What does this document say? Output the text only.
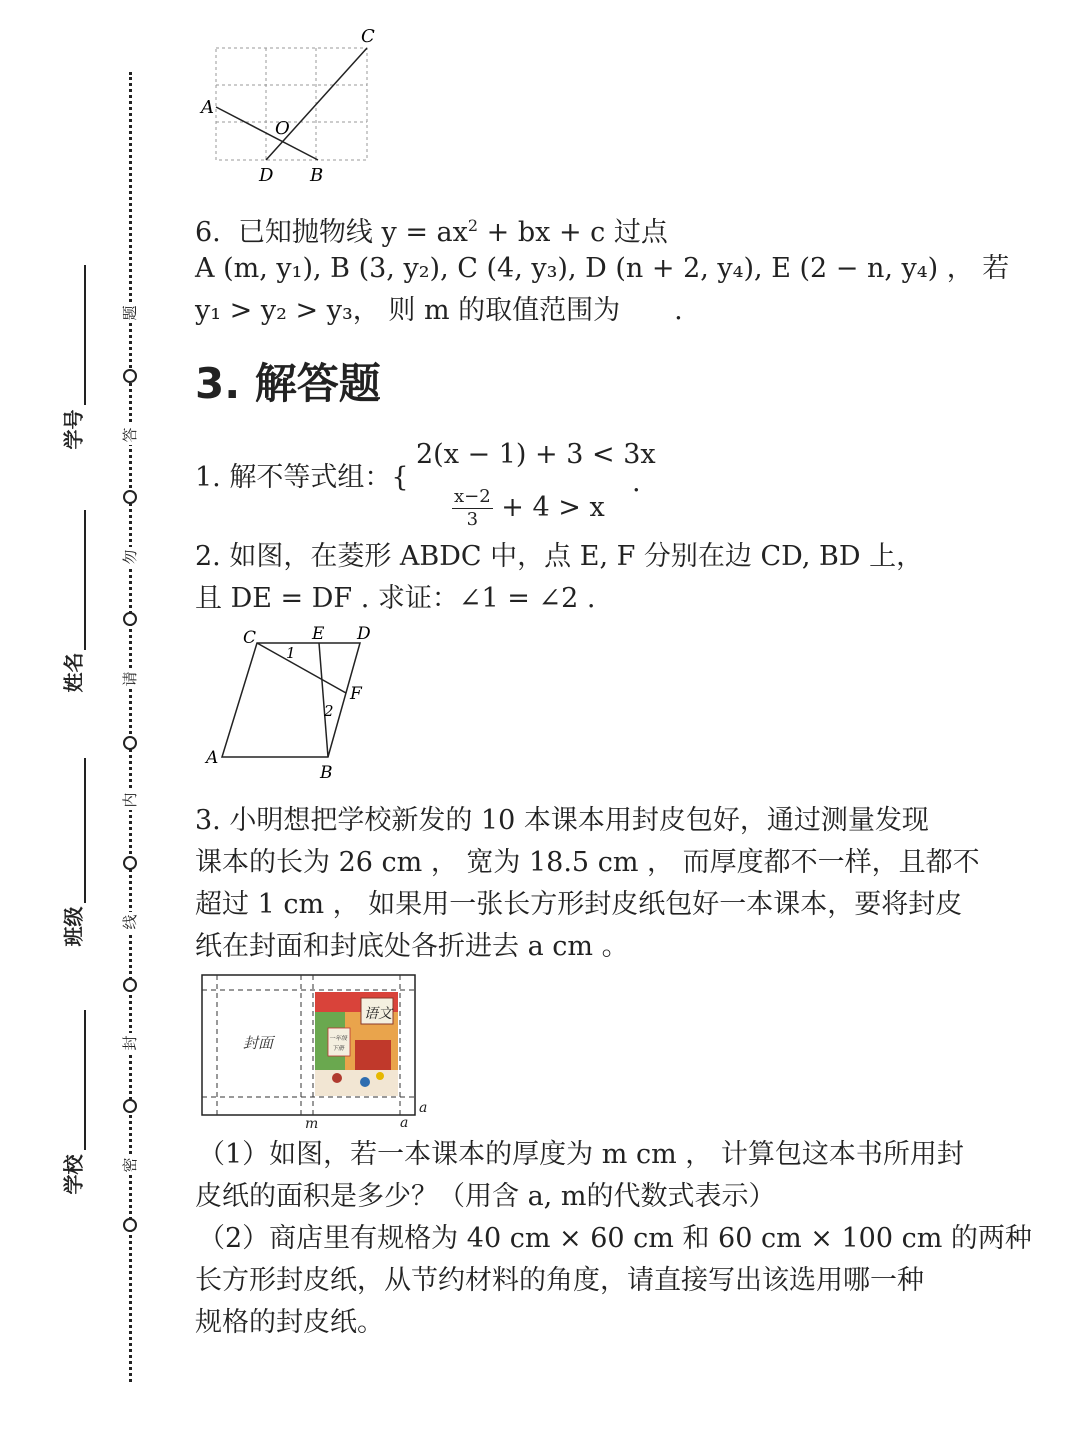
题
答
勿
请
内
线
封
密
学号
姓名
班级
学校
C
A
O
D B
6. 已知抛物线 $y = ax^2$ + bx + c 过点
A (m, y₁), B (3, y₂), C (4, y₃), D (n + 2, y₄), E (2 − n, y₄) ， 若
y₁ > y₂ > y₃， 则 m 的取值范围为　　.
3. 解答题
1. 解不等式组：{
2(x − 1) + 3 < 3x
$\frac{x-2}{3} + 4 > x$
.
2. 如图，在菱形 ABDC 中，点 E, F 分别在边 CD, BD 上，
且 DE = DF . 求证：∠1 = ∠2 .
C	E D
F
A
B
1
2
3. 小明想把学校新发的 10 本课本用封皮包好，通过测量发现
课本的长为 26 cm ， 宽为 18.5 cm ， 而厚度都不一样，且都不
超过 1 cm ， 如果用一张长方形封皮纸包好一本课本，要将封皮
纸在封面和封底处各折进去 a cm 。
语文
一年级
下册
封面
m	a
a
（1）如图，若一本课本的厚度为 m cm ， 计算包这本书所用封
皮纸的面积是多少？（用含 a, m的代数式表示）
（2）商店里有规格为 40 cm × 60 cm 和 60 cm × 100 cm 的两种
长方形封皮纸，从节约材料的角度，请直接写出该选用哪一种
规格的封皮纸。
